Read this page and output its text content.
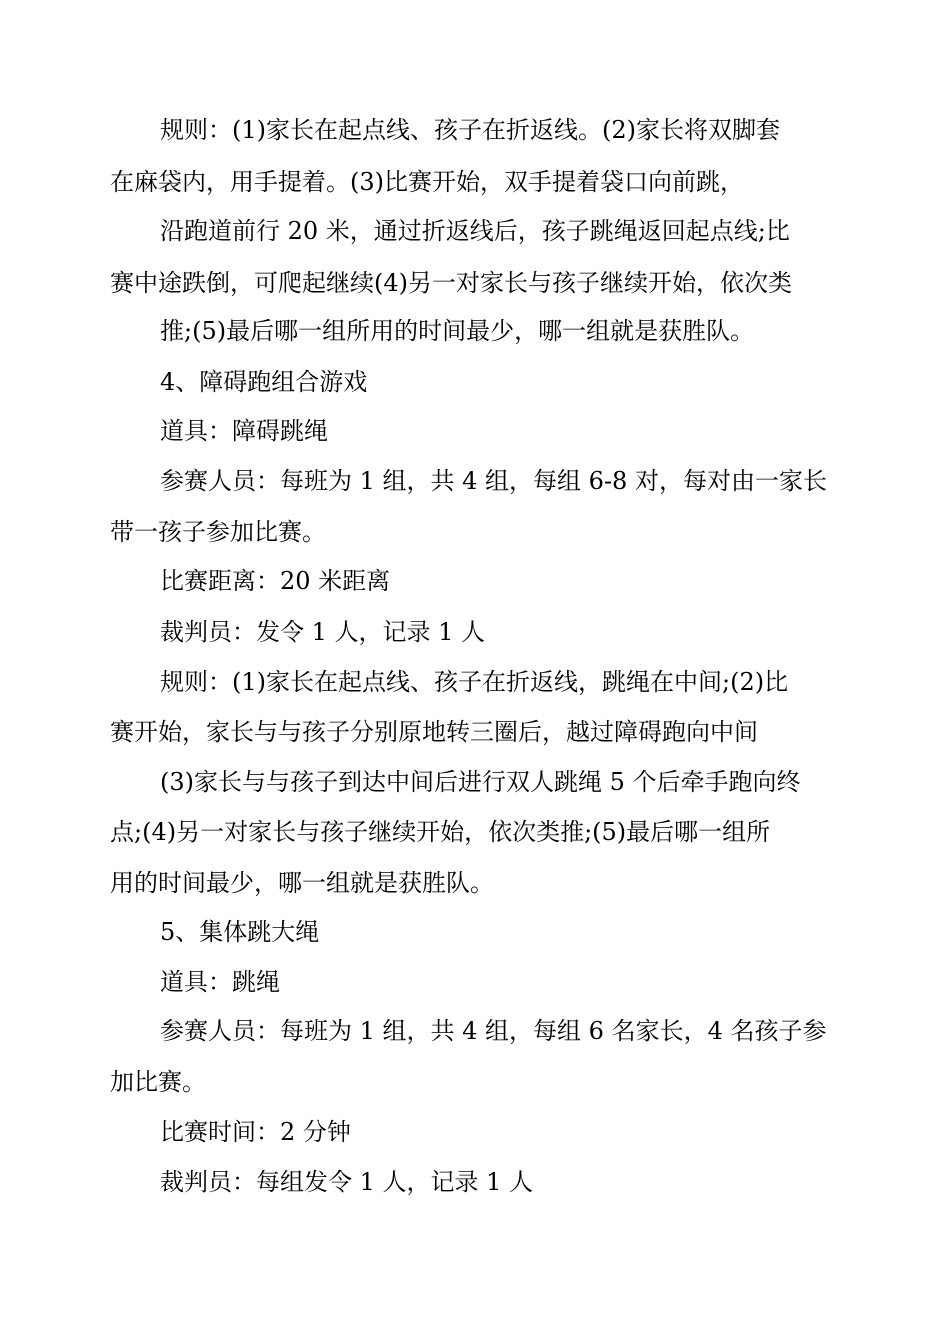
规则：(1)家长在起点线、孩子在折返线。(2)家长将双脚套
在麻袋内，用手提着。(3)比赛开始，双手提着袋口向前跳，
沿跑道前行 20 米，通过折返线后，孩子跳绳返回起点线;比
赛中途跌倒，可爬起继续(4)另一对家长与孩子继续开始，依次类
推;(5)最后哪一组所用的时间最少，哪一组就是获胜队。
4、障碍跑组合游戏
道具：障碍跳绳
参赛人员：每班为 1 组，共 4 组，每组 6-8 对，每对由一家长
带一孩子参加比赛。
比赛距离：20 米距离
裁判员：发令 1 人，记录 1 人
规则：(1)家长在起点线、孩子在折返线，跳绳在中间;(2)比
赛开始，家长与与孩子分别原地转三圈后，越过障碍跑向中间
(3)家长与与孩子到达中间后进行双人跳绳 5 个后牵手跑向终
点;(4)另一对家长与孩子继续开始，依次类推;(5)最后哪一组所
用的时间最少，哪一组就是获胜队。
5、集体跳大绳
道具：跳绳
参赛人员：每班为 1 组，共 4 组，每组 6 名家长，4 名孩子参
加比赛。
比赛时间：2 分钟
裁判员：每组发令 1 人，记录 1 人
